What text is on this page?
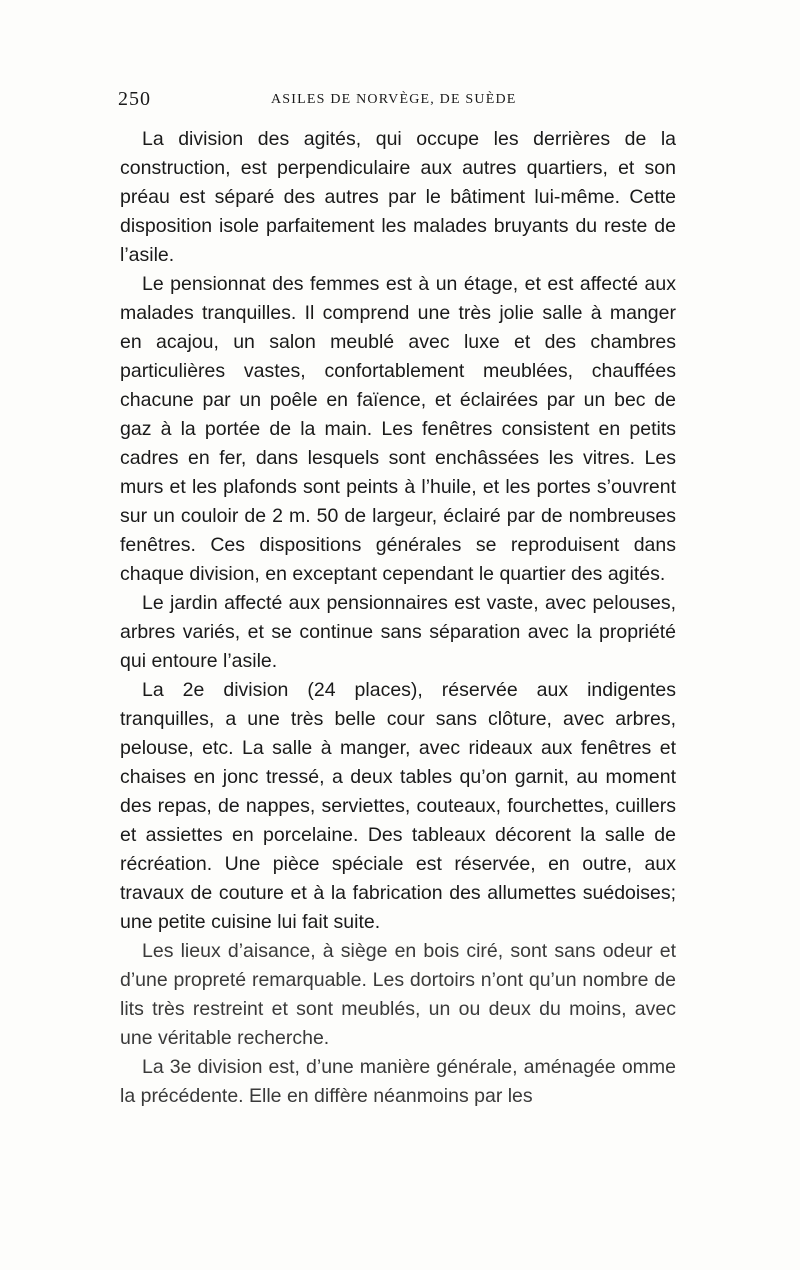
250	ASILES DE NORVÈGE, DE SUÈDE

La division des agités, qui occupe les derrières de la construction, est perpendiculaire aux autres quartiers, et son préau est séparé des autres par le bâtiment lui-même. Cette disposition isole parfaitement les malades bruyants du reste de l’asile.

Le pensionnat des femmes est à un étage, et est affecté aux malades tranquilles. Il comprend une très jolie salle à manger en acajou, un salon meublé avec luxe et des chambres particulières vastes, confortablement meublées, chauffées chacune par un poêle en faïence, et éclairées par un bec de gaz à la portée de la main. Les fenêtres consistent en petits cadres en fer, dans lesquels sont enchâssées les vitres. Les murs et les plafonds sont peints à l’huile, et les portes s’ouvrent sur un couloir de 2 m. 50 de largeur, éclairé par de nombreuses fenêtres. Ces dispositions générales se reproduisent dans chaque division, en exceptant cependant le quartier des agités.

Le jardin affecté aux pensionnaires est vaste, avec pelouses, arbres variés, et se continue sans séparation avec la propriété qui entoure l’asile.

La 2e division (24 places), réservée aux indigentes tranquilles, a une très belle cour sans clôture, avec arbres, pelouse, etc. La salle à manger, avec rideaux aux fenêtres et chaises en jonc tressé, a deux tables qu’on garnit, au moment des repas, de nappes, serviettes, couteaux, fourchettes, cuillers et assiettes en porcelaine. Des tableaux décorent la salle de récréation. Une pièce spéciale est réservée, en outre, aux travaux de couture et à la fabrication des allumettes suédoises; une petite cuisine lui fait suite.

Les lieux d’aisance, à siège en bois ciré, sont sans odeur et d’une propreté remarquable. Les dortoirs n’ont qu’un nombre de lits très restreint et sont meublés, un ou deux du moins, avec une véritable recherche.

La 3e division est, d’une manière générale, aménagée omme la précédente. Elle en diffère néanmoins par les
